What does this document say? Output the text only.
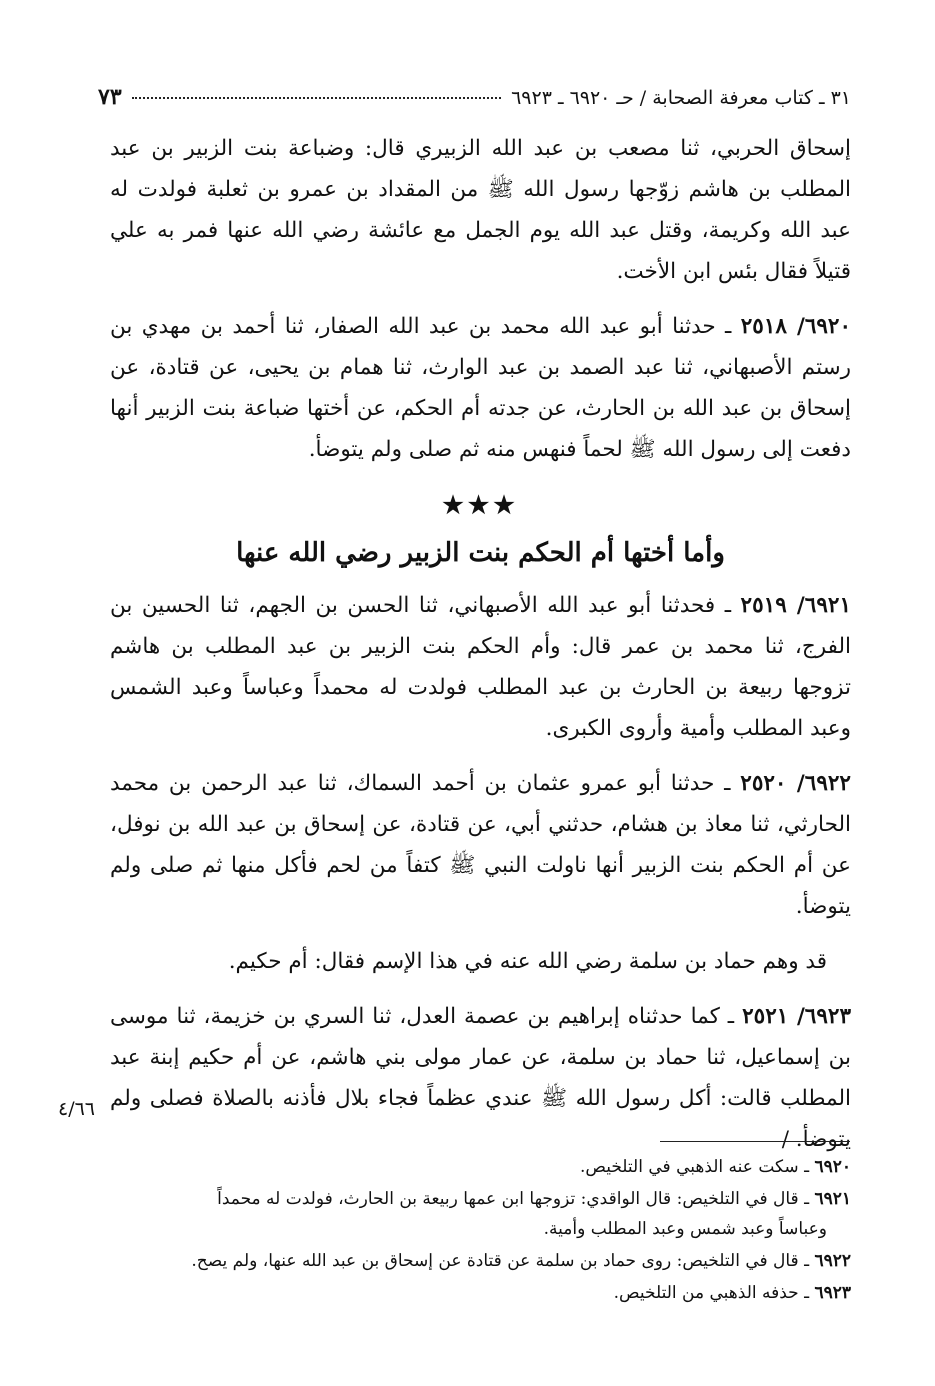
٣١ ـ كتاب معرفة الصحابة / حـ ٦٩٢٠ ـ ٦٩٢٣
٧٣

إسحاق الحربي، ثنا مصعب بن عبد الله الزبيري قال: وضباعة بنت الزبير بن عبد المطلب بن هاشم زوّجها رسول الله ﷺ من المقداد بن عمرو بن ثعلبة فولدت له عبد الله وكريمة، وقتل عبد الله يوم الجمل مع عائشة رضي الله عنها فمر به علي قتيلاً فقال بئس ابن الأخت.

٦٩٢٠/ ٢٥١٨ ـ حدثنا أبو عبد الله محمد بن عبد الله الصفار، ثنا أحمد بن مهدي بن رستم الأصبهاني، ثنا عبد الصمد بن عبد الوارث، ثنا همام بن يحيى، عن قتادة، عن إسحاق بن عبد الله بن الحارث، عن جدته أم الحكم، عن أختها ضباعة بنت الزبير أنها دفعت إلى رسول الله ﷺ لحماً فنهس منه ثم صلى ولم يتوضأ.

★★★
وأما أختها أم الحكم بنت الزبير رضي الله عنها

٦٩٢١/ ٢٥١٩ ـ فحدثنا أبو عبد الله الأصبهاني، ثنا الحسن بن الجهم، ثنا الحسين بن الفرج، ثنا محمد بن عمر قال: وأم الحكم بنت الزبير بن عبد المطلب بن هاشم تزوجها ربيعة بن الحارث بن عبد المطلب فولدت له محمداً وعباساً وعبد الشمس وعبد المطلب وأمية وأروى الكبرى.

٦٩٢٢/ ٢٥٢٠ ـ حدثنا أبو عمرو عثمان بن أحمد السماك، ثنا عبد الرحمن بن محمد الحارثي، ثنا معاذ بن هشام، حدثني أبي، عن قتادة، عن إسحاق بن عبد الله بن نوفل، عن أم الحكم بنت الزبير أنها ناولت النبي ﷺ كتفاً من لحم فأكل منها ثم صلى ولم يتوضأ.

قد وهم حماد بن سلمة رضي الله عنه في هذا الإسم فقال: أم حكيم.

٦٩٢٣/ ٢٥٢١ ـ كما حدثناه إبراهيم بن عصمة العدل، ثنا السري بن خزيمة، ثنا موسى بن إسماعيل، ثنا حماد بن سلمة، عن عمار مولى بني هاشم، عن أم حكيم إبنة عبد المطلب قالت: أكل رسول الله ﷺ عندي عظماً فجاء بلال فأذنه بالصلاة فصلى ولم يتوضأ. /

٤/٦٦
٦٩٢٠ ـ سكت عنه الذهبي في التلخيص.
٦٩٢١ ـ قال في التلخيص: قال الواقدي: تزوجها ابن عمها ربيعة بن الحارث، فولدت له محمداً
وعباساً وعبد شمس وعبد المطلب وأمية.
٦٩٢٢ ـ قال في التلخيص: روى حماد بن سلمة عن قتادة عن إسحاق بن عبد الله عنها، ولم يصح.
٦٩٢٣ ـ حذفه الذهبي من التلخيص.
